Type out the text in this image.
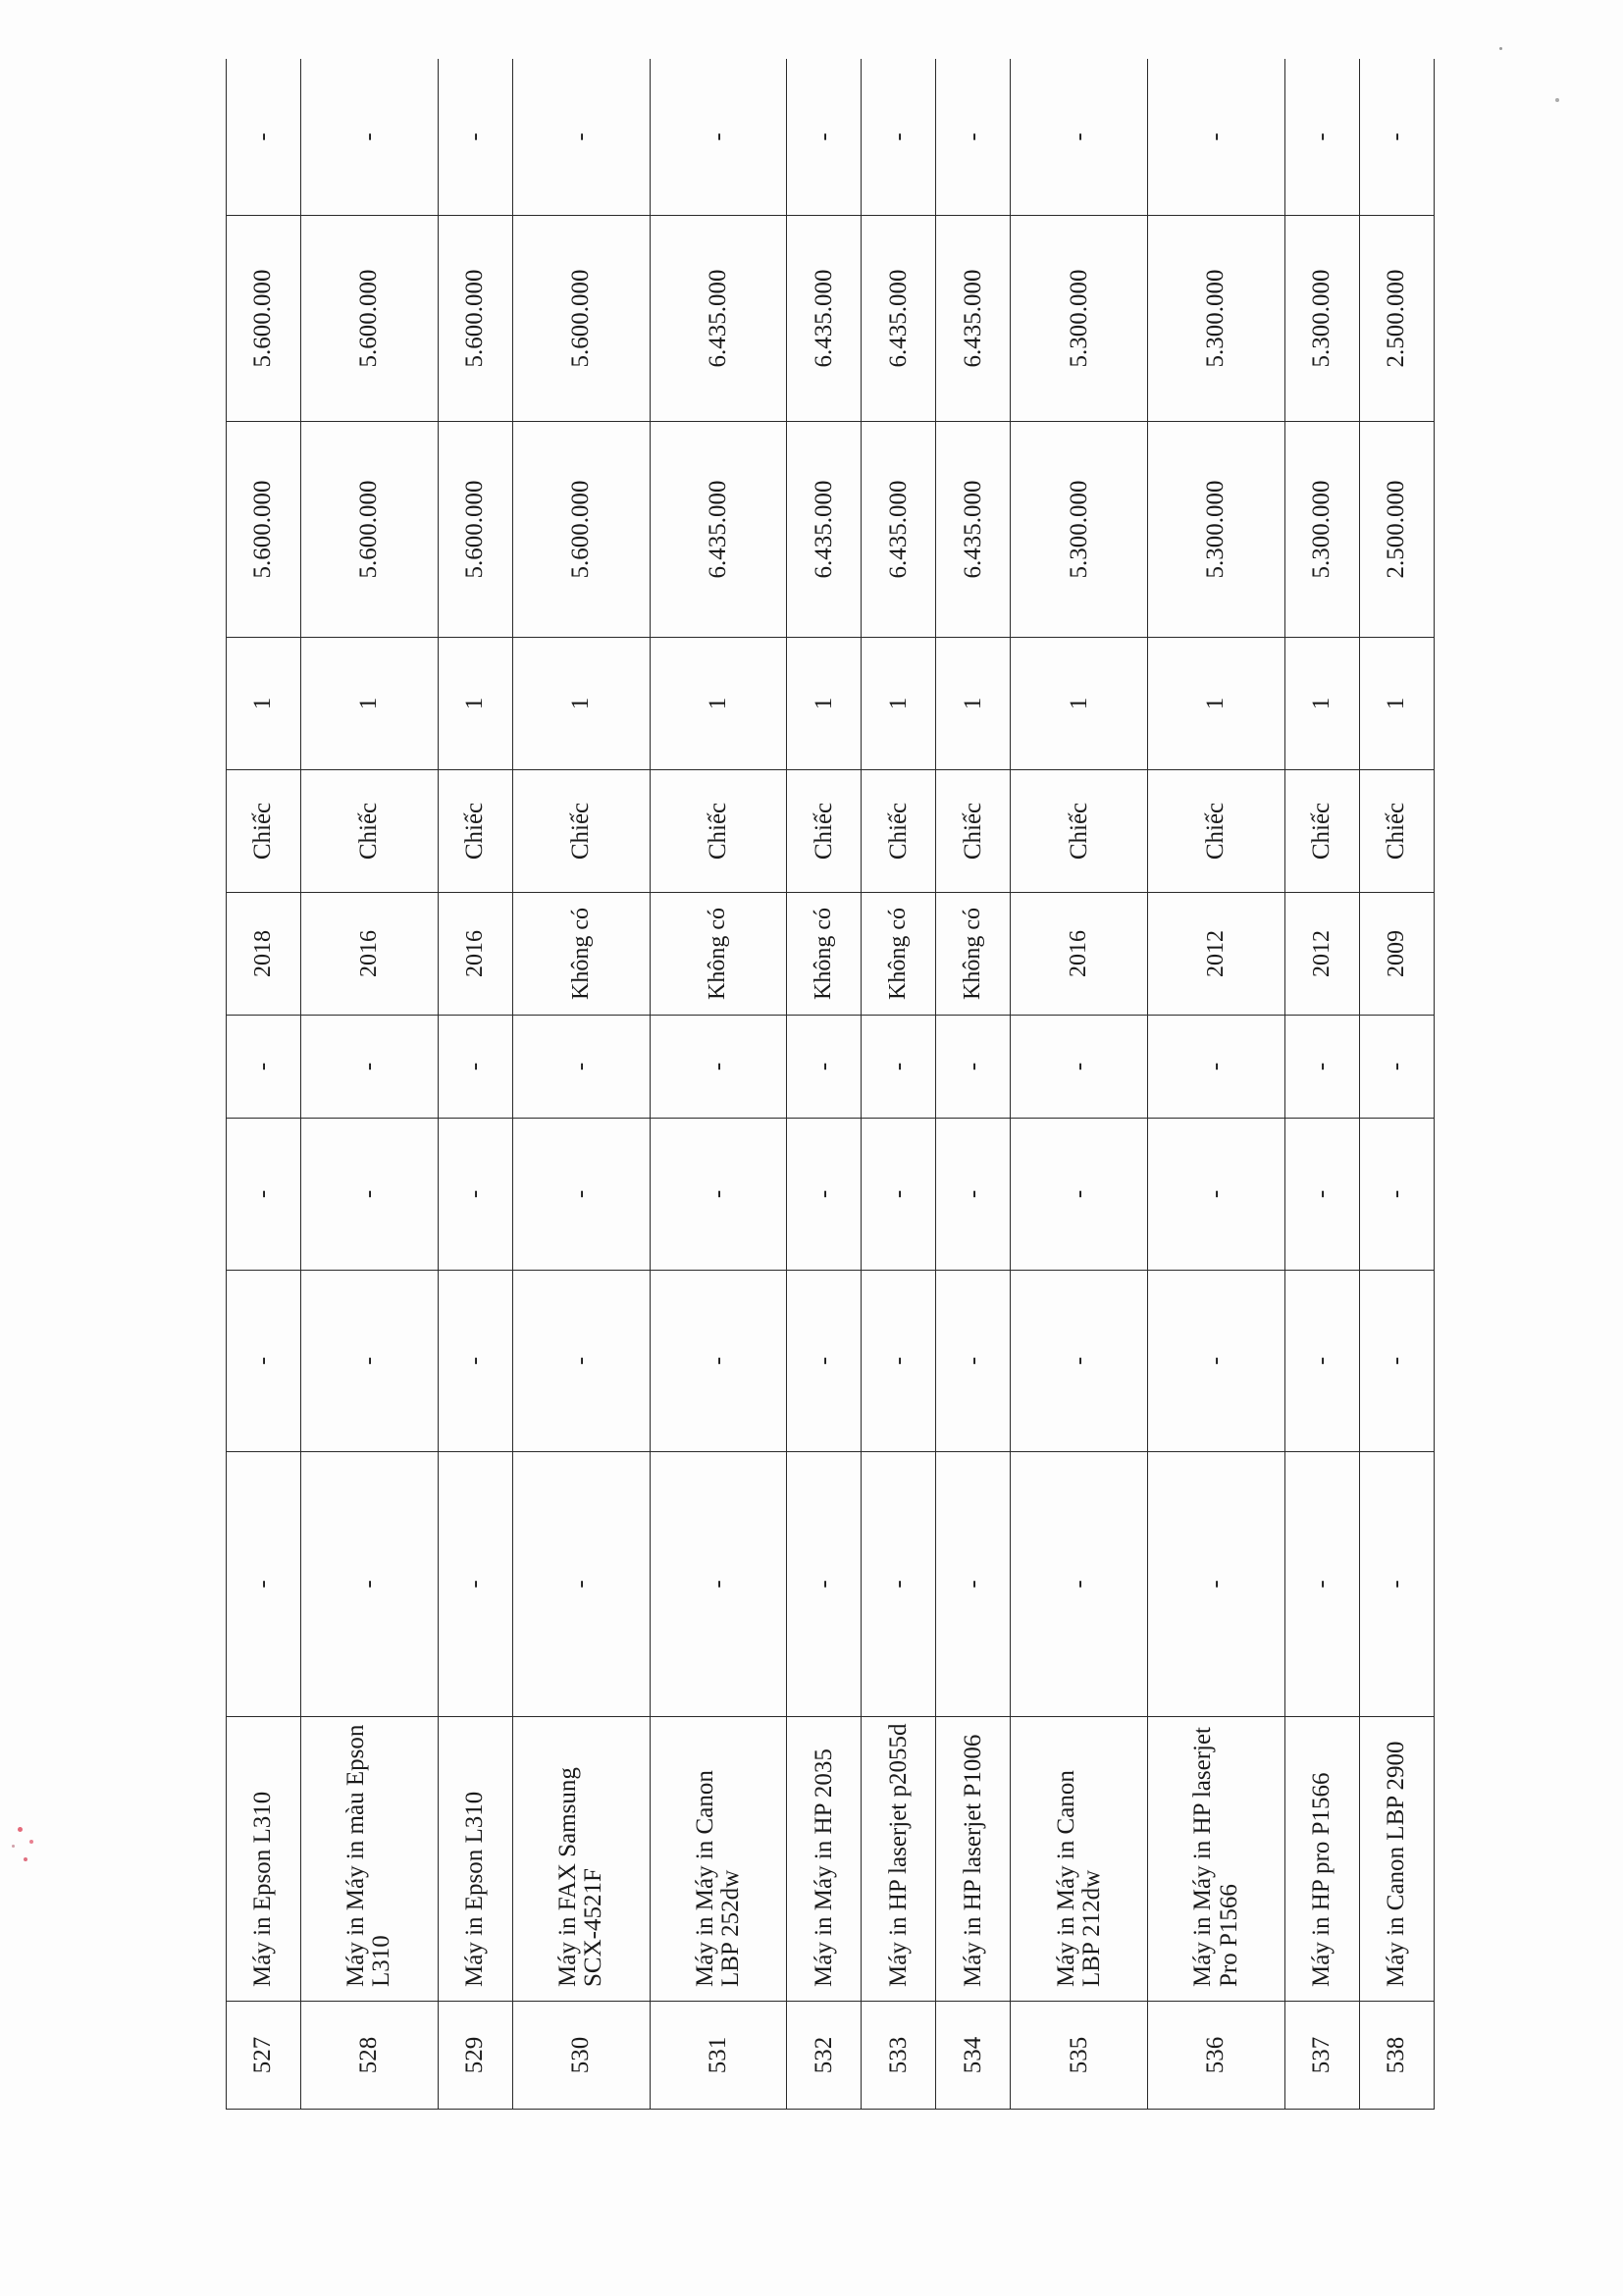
527	Máy in Epson L310	-	-	-	-	2018	Chiếc	1	5.600.000	5.600.000	-
528	Máy in Máy in màu Epson L310	-	-	-	-	2016	Chiếc	1	5.600.000	5.600.000	-
529	Máy in Epson L310	-	-	-	-	2016	Chiếc	1	5.600.000	5.600.000	-
530	Máy in FAX Samsung SCX-4521F	-	-	-	-	Không có	Chiếc	1	5.600.000	5.600.000	-
531	Máy in Máy in Canon LBP 252dw	-	-	-	-	Không có	Chiếc	1	6.435.000	6.435.000	-
532	Máy in Máy in HP 2035	-	-	-	-	Không có	Chiếc	1	6.435.000	6.435.000	-
533	Máy in HP laserjet p2055d	-	-	-	-	Không có	Chiếc	1	6.435.000	6.435.000	-
534	Máy in HP laserjet P1006	-	-	-	-	Không có	Chiếc	1	6.435.000	6.435.000	-
535	Máy in Máy in Canon LBP 212dw	-	-	-	-	2016	Chiếc	1	5.300.000	5.300.000	-
536	Máy in Máy in HP laserjet Pro P1566	-	-	-	-	2012	Chiếc	1	5.300.000	5.300.000	-
537	Máy in HP pro P1566	-	-	-	-	2012	Chiếc	1	5.300.000	5.300.000	-
538	Máy in Canon LBP 2900	-	-	-	-	2009	Chiếc	1	2.500.000	2.500.000	-
